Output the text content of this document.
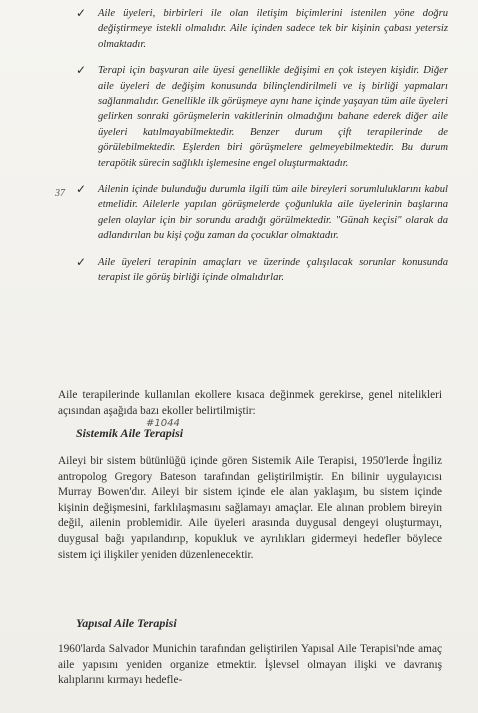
✓ Aile üyeleri, birbirleri ile olan iletişim biçimlerini istenilen yöne doğru değiştirmeye istekli olmalıdır. Aile içinden sadece tek bir kişinin çabası yetersiz olmaktadır.

✓ Terapi için başvuran aile üyesi genellikle değişimi en çok isteyen kişidir. Diğer aile üyeleri de değişim konusunda bilinçlendirilmeli ve iş birliği yapmaları sağlanmalıdır. Genellikle ilk görüşmeye aynı hane içinde yaşayan tüm aile üyeleri gelirken sonraki görüşmelerin vakitlerinin olmadığını bahane ederek diğer aile üyeleri katılmayabilmektedir. Benzer durum çift terapilerinde de görülebilmektedir. Eşlerden biri görüşmelere gelmeyebilmektedir. Bu durum terapötik sürecin sağlıklı işlemesine engel oluşturmaktadır.

✓ Ailenin içinde bulunduğu durumla ilgili tüm aile bireyleri sorumluluklarını kabul etmelidir. Ailelerle yapılan görüşmelerde çoğunlukla aile üyelerinin başlarına gelen olaylar için bir sorundu aradığı görülmektedir. "Günah keçisi" olarak da adlandırılan bu kişi çoğu zaman da çocuklar olmaktadır.

✓ Aile üyeleri terapinin amaçları ve üzerinde çalışılacak sorunlar konusunda terapist ile görüş birliği içinde olmalıdırlar.

37

Aile terapilerinde kullanılan ekollere kısaca değinmek gerekirse, genel nitelikleri açısından aşağıda bazı ekoller belirtilmiştir:

Sistemik Aile Terapisi
#1044

Aileyi bir sistem bütünlüğü içinde gören Sistemik Aile Terapisi, 1950'lerde İngiliz antropolog Gregory Bateson tarafından geliştirilmiştir. En bilinir uygulayıcısı Murray Bowen'dır. Aileyi bir sistem içinde ele alan yaklaşım, bu sistem içinde kişinin değişmesini, farklılaşmasını sağlamayı amaçlar. Ele alınan problem bireyin değil, ailenin problemidir. Aile üyeleri arasında duygusal dengeyi oluşturmayı, duygusal bağı yapılandırıp, kopukluk ve ayrılıkları gidermeyi hedefler böylece sistem içi ilişkiler yeniden düzenlenecektir.

Yapısal Aile Terapisi

1960'larda Salvador Munichin tarafından geliştirilen Yapısal Aile Terapisi'nde amaç aile yapısını yeniden organize etmektir. İşlevsel olmayan ilişki ve davranış kalıplarını kırmayı hedefle-
